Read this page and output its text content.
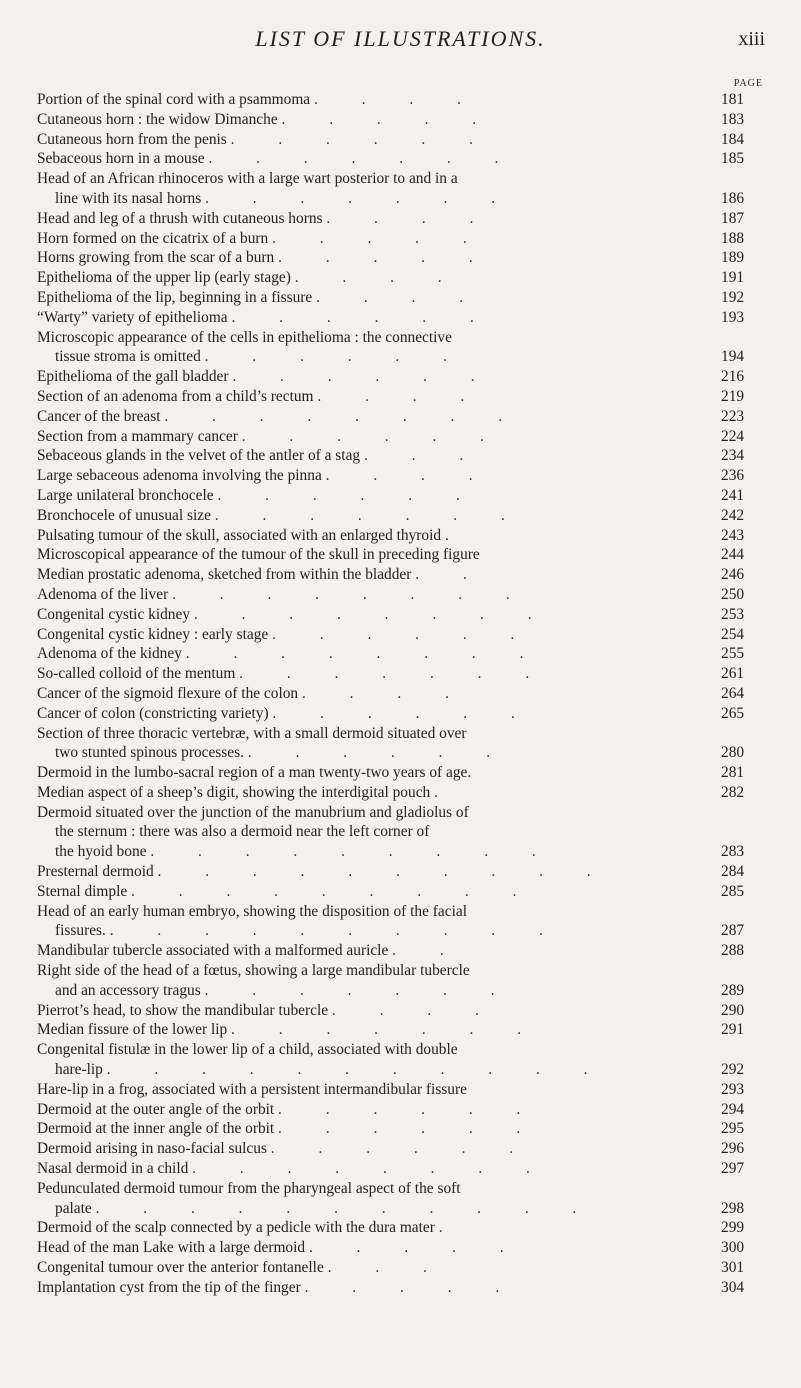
LIST OF ILLUSTRATIONS.	xiii
PAGE
Portion of the spinal cord with a psammoma . . . .	181
Cutaneous horn : the widow Dimanche . . . . .	183
Cutaneous horn from the penis . . . . . .	184
Sebaceous horn in a mouse . . . . . . .	185
Head of an African rhinoceros with a large wart posterior to and in a
line with its nasal horns . . . . . . .	186
Head and leg of a thrush with cutaneous horns . . . .	187
Horn formed on the cicatrix of a burn . . . . .	188
Horns growing from the scar of a burn . . . . .	189
Epithelioma of the upper lip (early stage) . . . .	191
Epithelioma of the lip, beginning in a fissure . . . .	192
“Warty” variety of epithelioma . . . . . .	193
Microscopic appearance of the cells in epithelioma : the connective
tissue stroma is omitted . . . . . .	194
Epithelioma of the gall bladder . . . . . .	216
Section of an adenoma from a child’s rectum . . . .	219
Cancer of the breast . . . . . . . .	223
Section from a mammary cancer . . . . . .	224
Sebaceous glands in the velvet of the antler of a stag . . .	234
Large sebaceous adenoma involving the pinna . . . .	236
Large unilateral bronchocele . . . . . .	241
Bronchocele of unusual size . . . . . . .	242
Pulsating tumour of the skull, associated with an enlarged thyroid .	243
Microscopical appearance of the tumour of the skull in preceding figure	244
Median prostatic adenoma, sketched from within the bladder . .	246
Adenoma of the liver . . . . . . . .	250
Congenital cystic kidney . . . . . . . .	253
Congenital cystic kidney : early stage . . . . . .	254
Adenoma of the kidney . . . . . . . .	255
So-called colloid of the mentum . . . . . . .	261
Cancer of the sigmoid flexure of the colon . . . .	264
Cancer of colon (constricting variety) . . . . . .	265
Section of three thoracic vertebræ, with a small dermoid situated over
two stunted spinous processes. . . . . . .	280
Dermoid in the lumbo-sacral region of a man twenty-two years of age.	281
Median aspect of a sheep’s digit, showing the interdigital pouch .	282
Dermoid situated over the junction of the manubrium and gladiolus of
the sternum : there was also a dermoid near the left corner of
the hyoid bone . . . . . . . . .	283
Presternal dermoid . . . . . . . . . .	284
Sternal dimple . . . . . . . . .	285
Head of an early human embryo, showing the disposition of the facial
fissures. . . . . . . . . . .	287
Mandibular tubercle associated with a malformed auricle . .	288
Right side of the head of a fœtus, showing a large mandibular tubercle
and an accessory tragus . . . . . . .	289
Pierrot’s head, to show the mandibular tubercle . . . .	290
Median fissure of the lower lip . . . . . . .	291
Congenital fistulæ in the lower lip of a child, associated with double
hare-lip . . . . . . . . . . .	292
Hare-lip in a frog, associated with a persistent intermandibular fissure	293
Dermoid at the outer angle of the orbit . . . . . .	294
Dermoid at the inner angle of the orbit . . . . . .	295
Dermoid arising in naso-facial sulcus . . . . . .	296
Nasal dermoid in a child . . . . . . . .	297
Pedunculated dermoid tumour from the pharyngeal aspect of the soft
palate . . . . . . . . . . .	298
Dermoid of the scalp connected by a pedicle with the dura mater .	299
Head of the man Lake with a large dermoid . . . . .	300
Congenital tumour over the anterior fontanelle . . .	301
Implantation cyst from the tip of the finger . . . . .	304
